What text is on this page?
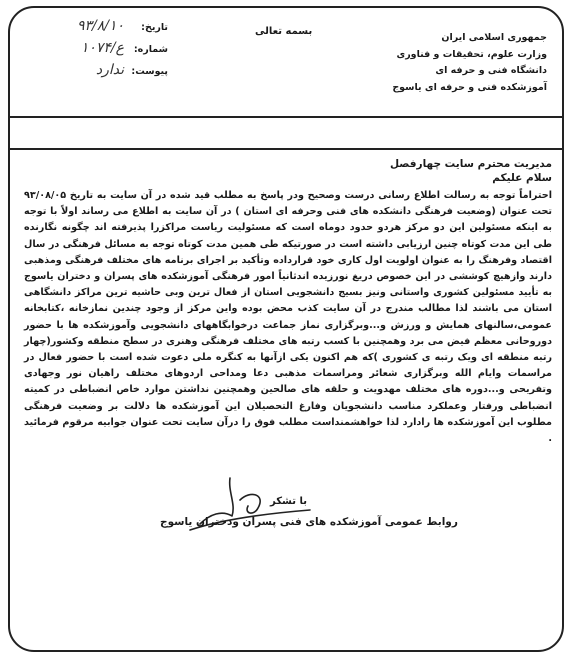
جمهوری اسلامی ایران
وزارت علوم، تحقیقات و فناوری
دانشگاه فنی و حرفه ای
آموزشکده فنی و حرفه ای یاسوج
بسمه تعالی
تاریخ:
۹۳/۸/۱۰
شماره:
۱۰۷۴/ع
پیوست:
ندارد

مدیریت محترم سایت چهارفصل

سلام علیکم

احتراماً توجه به رسالت اطلاع رسانی درست وصحیح ودر پاسخ به مطلب قید شده در آن سایت به تاریخ ۹۳/۰۸/۰۵ تحت عنوان (وضعیت فرهنگی دانشکده های فنی وحرفه ای استان ) در آن سایت به اطلاع می رساند اولاً با توجه به اینکه مسئولین این دو مرکز هردو حدود دوماه است که مسئولیت ریاست مراکزرا پذیرفته اند چگونه نگارنده طی این مدت کوتاه چنین ارزیابی داشته است در صورتیکه طی همین مدت کوتاه توجه به مسائل فرهنگی در سال اقتصاد وفرهنگ را به عنوان اولویت اول کاری خود قرارداده وتأکید بر اجرای برنامه های مختلف فرهنگی ومذهبی دارند وازهیچ کوششی در این خصوص دریغ نورزیده اندثانیاً امور فرهنگی آموزشکده های پسران و دختران یاسوج به تأیید مسئولین کشوری واستانی ونیز بسیج دانشجویی استان از فعال ترین وبی حاشیه ترین مراکز دانشگاهی استان می باشند لذا مطالب مندرج در آن سایت کذب محض بوده واین مرکز از وجود چندین نمازخانه ،کتابخانه عمومی،سالنهای همایش و ورزش و...وبرگزاری نماز جماعت درخوابگاههای دانشجویی وآموزشکده ها با حضور دوروحانی معظم فیض می برد وهمچنین با کسب رتبه های مختلف فرهنگی وهنری در سطح منطقه وکشور(چهار رتبه منطقه ای ویک رتبه ی کشوری )که هم اکنون یکی ازآنها به کنگره ملی دعوت شده است با حضور فعال در مراسمات وایام الله وبرگزاری شعائر ومراسمات مذهبی دعا ومداحی اردوهای مختلف راهیان نور وجهادی وتفریحی و...دوره های مختلف مهدویت و حلقه های صالحین وهمچنین نداشتن موارد خاص انضباطی در کمیته انضباطی ورفتار وعملکرد مناسب دانشجویان وفارغ التحصیلان این آموزشکده ها دلالت بر وضعیت فرهنگی مطلوب این آموزشکده ها رادارد لذا خواهشمنداست مطلب فوق را درآن سایت تحت عنوان جوابیه مرقوم فرمائید .

با تشکر
روابط عمومی آموزشکده های فنی پسران ودختران یاسوج
